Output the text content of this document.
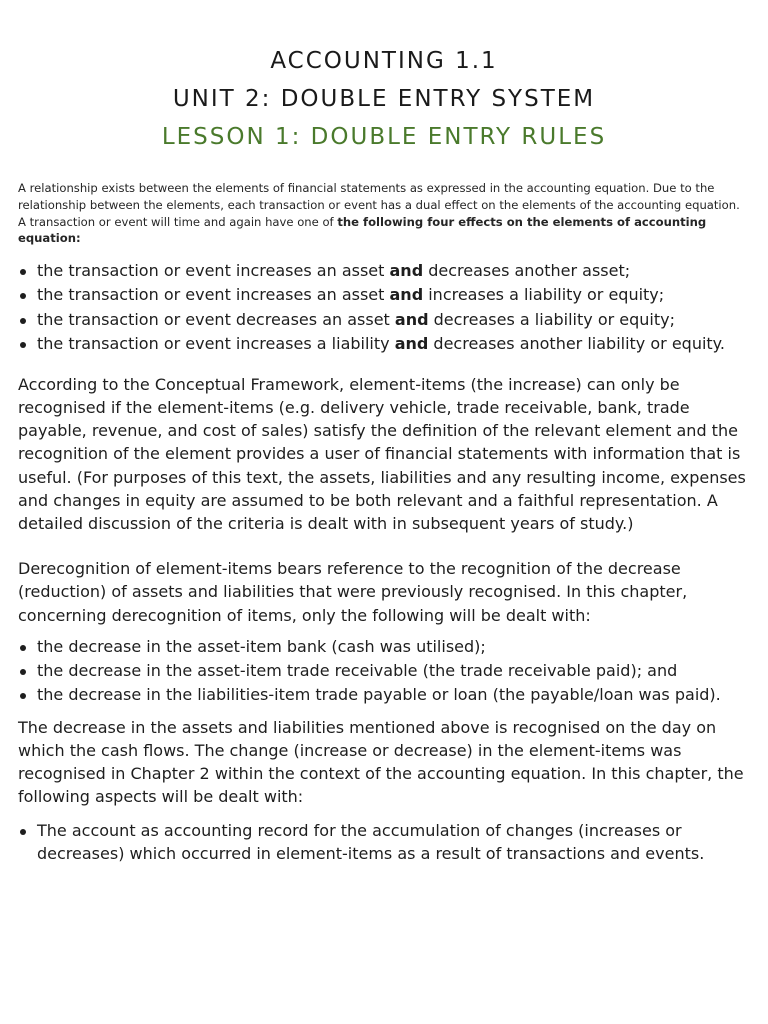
ACCOUNTING 1.1
UNIT 2: DOUBLE ENTRY SYSTEM
LESSON 1: DOUBLE ENTRY RULES

A relationship exists between the elements of financial statements as expressed in the accounting equation. Due to the relationship between the elements, each transaction or event has a dual effect on the elements of the accounting equation. A transaction or event will time and again have one of the following four effects on the elements of accounting equation:

the transaction or event increases an asset and decreases another asset;
the transaction or event increases an asset and increases a liability or equity;
the transaction or event decreases an asset and decreases a liability or equity;
the transaction or event increases a liability and decreases another liability or equity.

According to the Conceptual Framework, element-items (the increase) can only be recognised if the element-items (e.g. delivery vehicle, trade receivable, bank, trade payable, revenue, and cost of sales) satisfy the definition of the relevant element and the recognition of the element provides a user of financial statements with information that is useful. (For purposes of this text, the assets, liabilities and any resulting income, expenses and changes in equity are assumed to be both relevant and a faithful representation. A detailed discussion of the criteria is dealt with in subsequent years of study.)

Derecognition of element-items bears reference to the recognition of the decrease (reduction) of assets and liabilities that were previously recognised. In this chapter, concerning derecognition of items, only the following will be dealt with:

the decrease in the asset-item bank (cash was utilised);
the decrease in the asset-item trade receivable (the trade receivable paid); and
the decrease in the liabilities-item trade payable or loan (the payable/loan was paid).

The decrease in the assets and liabilities mentioned above is recognised on the day on which the cash flows. The change (increase or decrease) in the element-items was recognised in Chapter 2 within the context of the accounting equation. In this chapter, the following aspects will be dealt with:

The account as accounting record for the accumulation of changes (increases or decreases) which occurred in element-items as a result of transactions and events.
